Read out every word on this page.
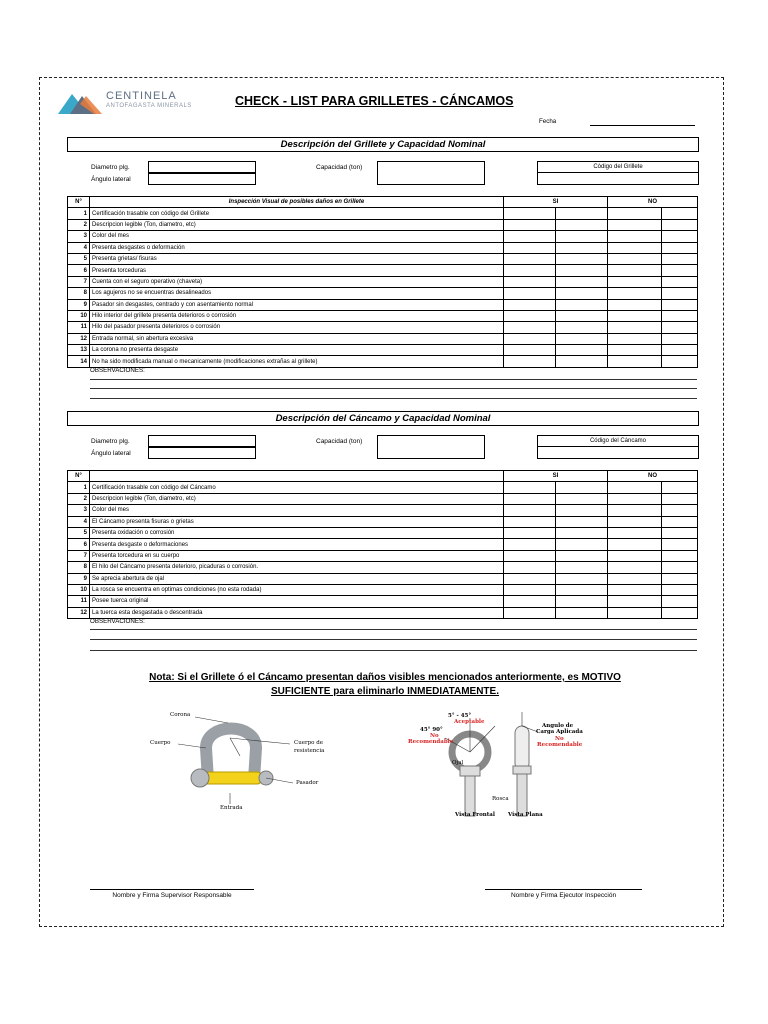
CENTINELA
ANTOFAGASTA MINERALS	CHECK - LIST PARA GRILLETES - CÁNCAMOS
Fecha
Descripción del Grillete y Capacidad Nominal
Diametro plg.
Ángulo lateral
Capacidad (ton)	Código del Grillete
N°	Inspección Visual de posibles daños en Grillete	SI		NO	
1	Certificación trasable con código del Grillete				
2	Descripcion legible (Ton, diametro, etc)				
3	Color del mes				
4	Presenta desgastes o deformación				
5	Presenta grietas/ fisuras				
6	Presenta torceduras				
7	Cuenta con el seguro operativo (chaveta)				
8	Los agujeros no se encuentras desalineados				
9	Pasador sin desgastes, centrado y con asentamiento normal				
10	Hilo interior del grillete presenta deterioros o corrosión				
11	Hilo del pasador presenta deterioros o corrosión				
12	Entrada normal, sin abertura excesiva				
13	La corona no presenta desgaste				
14	No ha sido modificada manual o mecanicamente (modificaciones extrañas al grillete)				
OBSERVACIONES:
Descripción del Cáncamo y Capacidad Nominal
Diametro plg.
Ángulo lateral
Capacidad (ton)	Código del Cáncamo
N°		SI		NO	
1	Certificación trasable con código del Cáncamo				
2	Descripcion legible (Ton, diametro, etc)				
3	Color del mes				
4	El Cáncamo presenta fisuras o grietas				
5	Presenta oxidación o corrosión				
6	Presenta desgaste o deformaciones				
7	Presenta torcedura en su cuerpo				
8	El hilo del Cáncamo presenta deterioro, picaduras o corrosión.				
9	Se aprecia abertura de ojal				
10	La rosca se encuentra en optimas condiciones (no esta rodada)				
11	Posee tuerca original				
12	La tuerca esta desgastada o descentrada				
OBSERVACIONES:
Nota: Si el Grillete ó el Cáncamo presentan daños visibles mencionados anteriormente, es MOTIVO
SUFICIENTE para eliminarlo INMEDIATAMENTE.
Corona
Cuerpo	Cuerpo de
resistencia
Pasador
Entrada
5° - 45°
Aceptable
45° 90°
No
Recomendable
Ojal
Rosca
Vista Frontal Vista Plana
Angulo de
Carga Aplicada
No
Recomendable
Nombre y Firma Supervisor Responsable	Nombre y Firma Ejecutor Inspección
